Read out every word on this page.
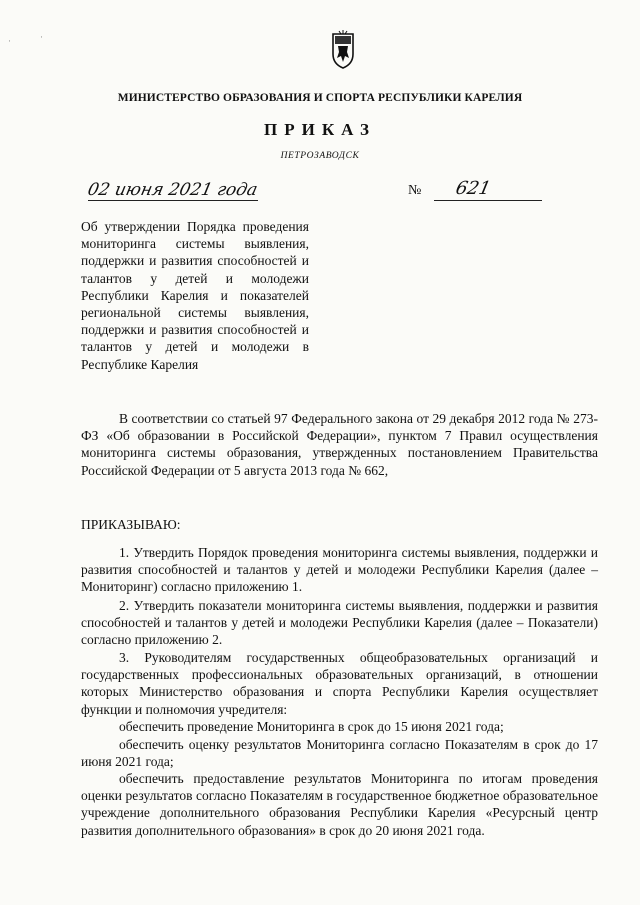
·	·
МИНИСТЕРСТВО ОБРАЗОВАНИЯ И СПОРТА РЕСПУБЛИКИ КАРЕЛИЯ
ПРИКАЗ
ПЕТРОЗАВОДСК
02 июня 2021 года	№ 621
Об утверждении Порядка проведения мониторинга системы выявления, поддержки и развития способностей и талантов у детей и молодежи Республики Карелия и показателей региональной системы выявления, поддержки и развития способностей и талантов у детей и молодежи в Республике Карелия
В соответствии со статьей 97 Федерального закона от 29 декабря 2012 года № 273-ФЗ «Об образовании в Российской Федерации», пунктом 7 Правил осуществления мониторинга системы образования, утвержденных постановлением Правительства Российской Федерации от 5 августа 2013 года № 662,
ПРИКАЗЫВАЮ:
1. Утвердить Порядок проведения мониторинга системы выявления, поддержки и развития способностей и талантов у детей и молодежи Республики Карелия (далее – Мониторинг) согласно приложению 1.
2. Утвердить показатели мониторинга системы выявления, поддержки и развития способностей и талантов у детей и молодежи Республики Карелия (далее – Показатели) согласно приложению 2.
3. Руководителям государственных общеобразовательных организаций и государственных профессиональных образовательных организаций, в отношении которых Министерство образования и спорта Республики Карелия осуществляет функции и полномочия учредителя:
обеспечить проведение Мониторинга в срок до 15 июня 2021 года;
обеспечить оценку результатов Мониторинга согласно Показателям в срок до 17 июня 2021 года;
обеспечить предоставление результатов Мониторинга по итогам проведения оценки результатов согласно Показателям в государственное бюджетное образовательное учреждение дополнительного образования Республики Карелия «Ресурсный центр развития дополнительного образования» в срок до 20 июня 2021 года.
